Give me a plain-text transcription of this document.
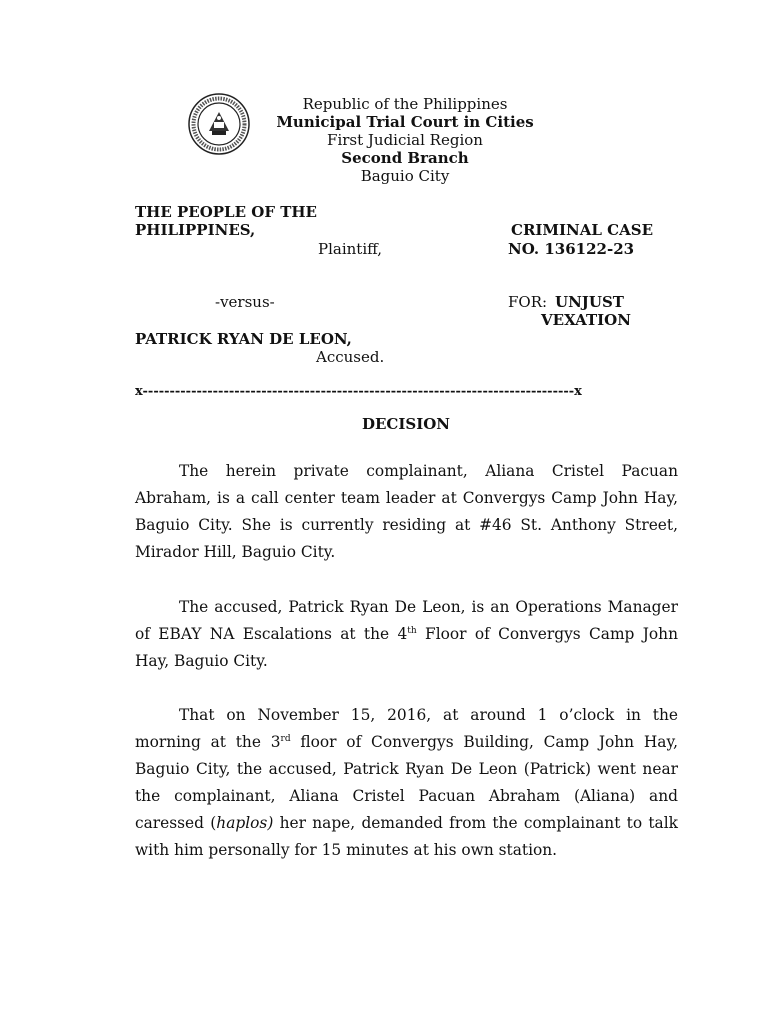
Republic of the Philippines
Municipal Trial Court in Cities
First Judicial Region
Second Branch
Baguio City
THE PEOPLE OF THE
PHILIPPINES,
Plaintiff,
CRIMINAL CASE
NO. 136122-23
-versus-	FOR: UNJUST
VEXATION
PATRICK RYAN DE LEON,
Accused.
x--------------------------------------------------------------------------------x
DECISION
The herein private complainant, Aliana Cristel Pacuan Abraham, is a call center team leader at Convergys Camp John Hay, Baguio City. She is currently residing at #46 St. Anthony Street, Mirador Hill, Baguio City.
The accused, Patrick Ryan De Leon, is an Operations Manager of EBAY NA Escalations at the 4th Floor of Convergys Camp John Hay, Baguio City.
That on November 15, 2016, at around 1 o’clock in the morning at the 3rd floor of Convergys Building, Camp John Hay, Baguio City, the accused, Patrick Ryan De Leon (Patrick) went near the complainant, Aliana Cristel Pacuan Abraham (Aliana) and caressed (haplos) her nape, demanded from the complainant to talk with him personally for 15 minutes at his own station.
